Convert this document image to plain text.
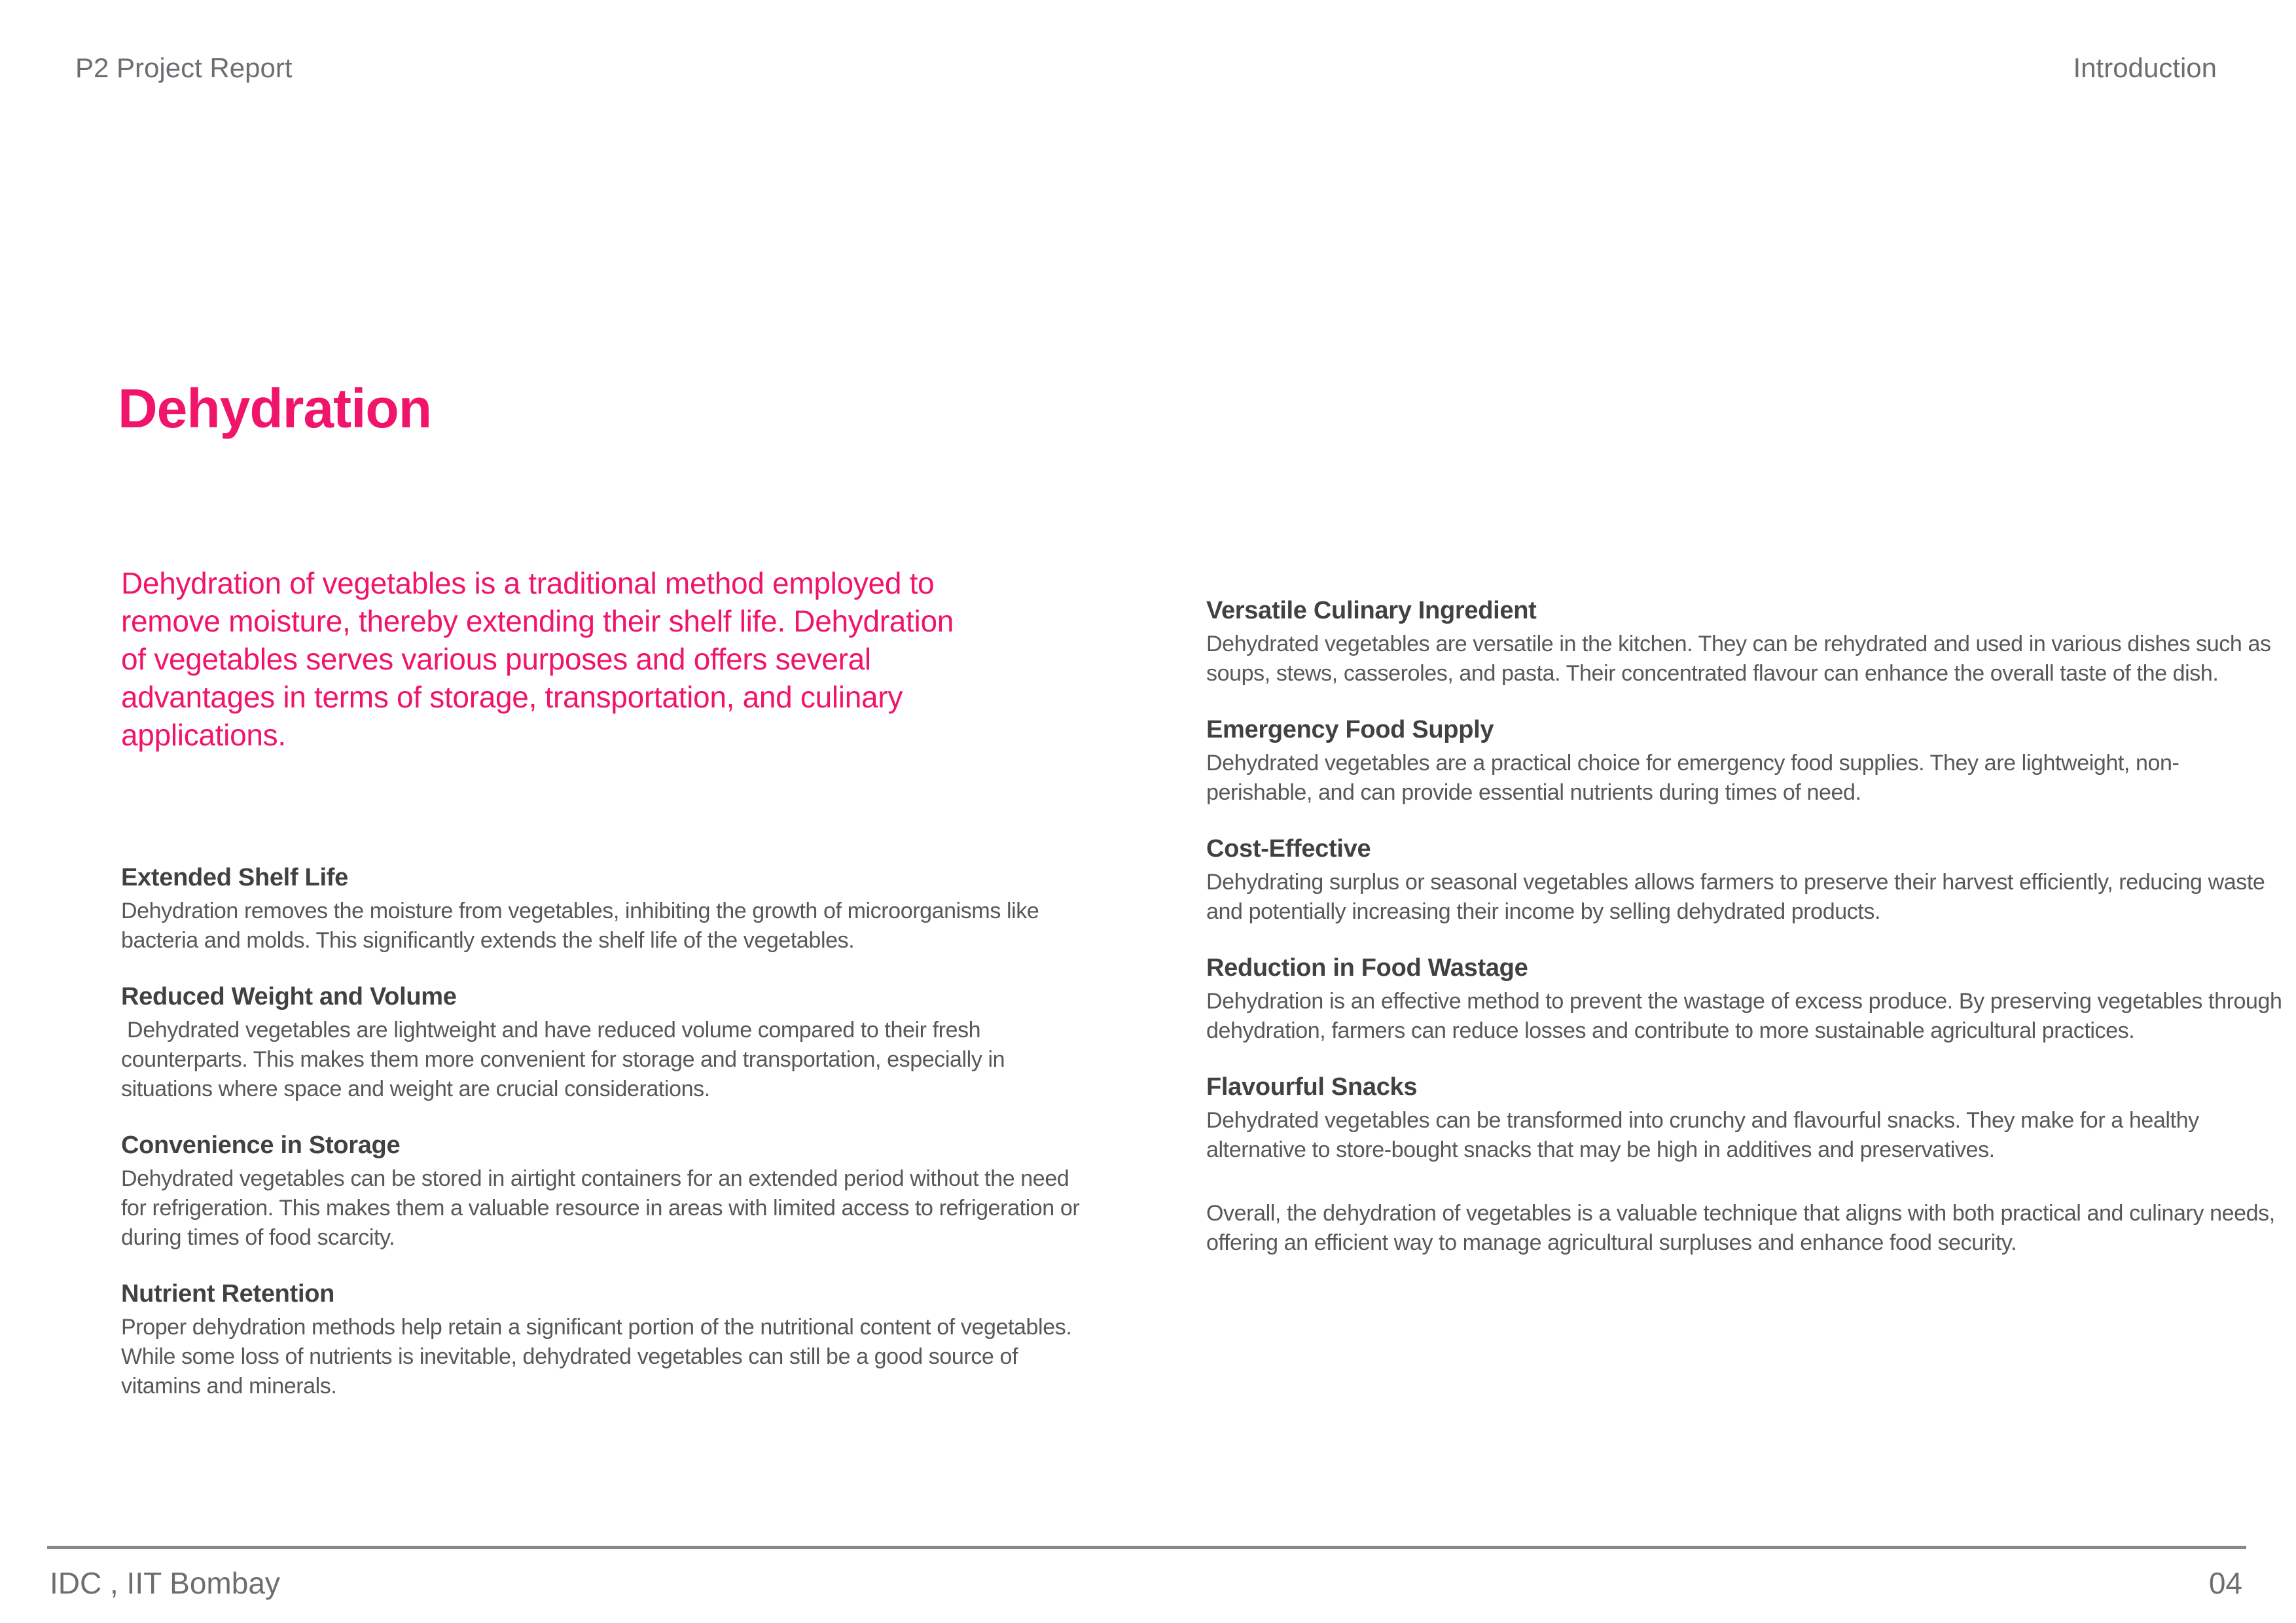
P2 Project Report	Introduction
Dehydration
Dehydration of vegetables is a traditional method employed to
remove moisture, thereby extending their shelf life. Dehydration
of vegetables serves various purposes and offers several
advantages in terms of storage, transportation, and culinary
applications.
Extended Shelf Life

Dehydration removes the moisture from vegetables, inhibiting the growth of microorganisms like bacteria and molds. This significantly extends the shelf life of the vegetables.

Reduced Weight and Volume

Dehydrated vegetables are lightweight and have reduced volume compared to their fresh counterparts. This makes them more convenient for storage and transportation, especially in situations where space and weight are crucial considerations.

Convenience in Storage

Dehydrated vegetables can be stored in airtight containers for an extended period without the need for refrigeration. This makes them a valuable resource in areas with limited access to refrigeration or during times of food scarcity.

Nutrient Retention

Proper dehydration methods help retain a significant portion of the nutritional content of vegetables. While some loss of nutrients is inevitable, dehydrated vegetables can still be a good source of vitamins and minerals.

Versatile Culinary Ingredient

Dehydrated vegetables are versatile in the kitchen. They can be rehydrated and used in various dishes such as soups, stews, casseroles, and pasta. Their concentrated flavour can enhance the overall taste of the dish.

Emergency Food Supply

Dehydrated vegetables are a practical choice for emergency food supplies. They are lightweight, non-perishable, and can provide essential nutrients during times of need.

Cost-Effective

Dehydrating surplus or seasonal vegetables allows farmers to preserve their harvest efficiently, reducing waste and potentially increasing their income by selling dehydrated products.

Reduction in Food Wastage

Dehydration is an effective method to prevent the wastage of excess produce. By preserving vegetables through dehydration, farmers can reduce losses and contribute to more sustainable agricultural practices.

Flavourful Snacks

Dehydrated vegetables can be transformed into crunchy and flavourful snacks. They make for a healthy alternative to store-bought snacks that may be high in additives and preservatives.

Overall, the dehydration of vegetables is a valuable technique that aligns with both practical and culinary needs, offering an efficient way to manage agricultural surpluses and enhance food security.

IDC , IIT Bombay	04
